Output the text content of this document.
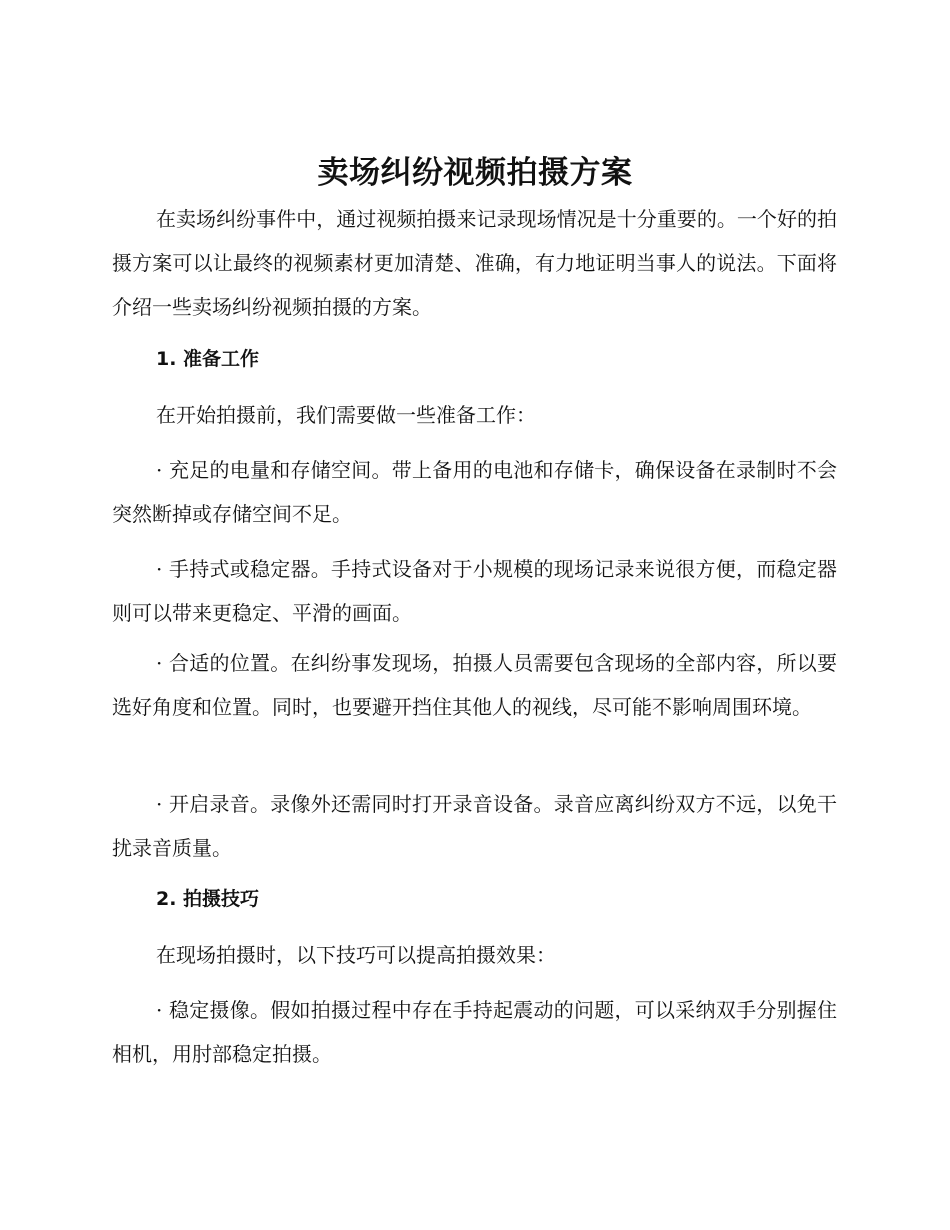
卖场纠纷视频拍摄方案

在卖场纠纷事件中，通过视频拍摄来记录现场情况是十分重要的。一个好的拍摄方案可以让最终的视频素材更加清楚、准确，有力地证明当事人的说法。下面将介绍一些卖场纠纷视频拍摄的方案。

1. 准备工作

在开始拍摄前，我们需要做一些准备工作：

· 充足的电量和存储空间。带上备用的电池和存储卡，确保设备在录制时不会突然断掉或存储空间不足。

· 手持式或稳定器。手持式设备对于小规模的现场记录来说很方便，而稳定器则可以带来更稳定、平滑的画面。

· 合适的位置。在纠纷事发现场，拍摄人员需要包含现场的全部内容，所以要选好角度和位置。同时，也要避开挡住其他人的视线，尽可能不影响周围环境。

· 开启录音。录像外还需同时打开录音设备。录音应离纠纷双方不远，以免干扰录音质量。

2. 拍摄技巧

在现场拍摄时，以下技巧可以提高拍摄效果：

· 稳定摄像。假如拍摄过程中存在手持起震动的问题，可以采纳双手分别握住相机，用肘部稳定拍摄。
